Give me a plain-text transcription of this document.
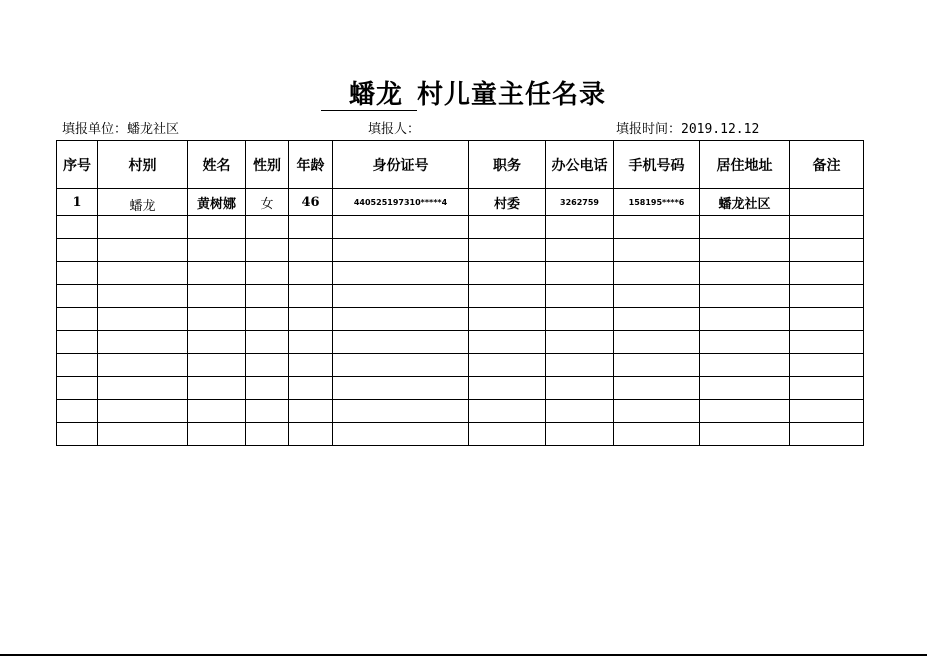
蟠龙 村儿童主任名录
填报单位：蟠龙社区	填报人：	填报时间：2019.12.12
序号	村别	姓名	性别	年龄	身份证号	职务	办公电话	手机号码	居住地址	备注
1	蟠龙	黄树娜	女	46	440525197310*****4	村委	3262759	158195****6	蟠龙社区	
